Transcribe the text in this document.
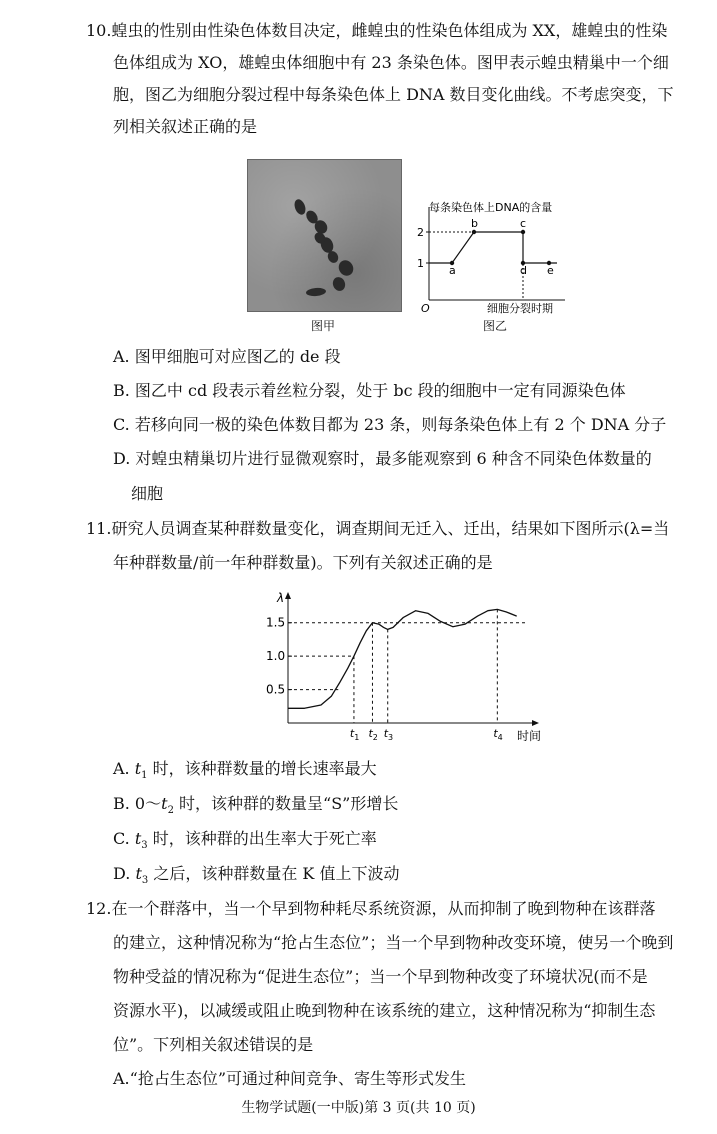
10.蝗虫的性别由性染色体数目决定，雌蝗虫的性染色体组成为 XX，雄蝗虫的性染
色体组成为 XO，雄蝗虫体细胞中有 23 条染色体。图甲表示蝗虫精巢中一个细
胞，图乙为细胞分裂过程中每条染色体上 DNA 数目变化曲线。不考虑突变，下
列相关叙述正确的是
图甲
每条染色体上DNA的含量
细胞分裂时期
O
1
2
a
b	c
d e
图乙
A. 图甲细胞可对应图乙的 de 段
B. 图乙中 cd 段表示着丝粒分裂，处于 bc 段的细胞中一定有同源染色体
C. 若移向同一极的染色体数目都为 23 条，则每条染色体上有 2 个 DNA 分子
D. 对蝗虫精巢切片进行显微观察时，最多能观察到 6 种含不同染色体数量的
细胞
11.研究人员调查某种群数量变化，调查期间无迁入、迁出，结果如下图所示(λ=当
年种群数量/前一年种群数量)。下列有关叙述正确的是
λ
时间
0.5
1.0
1.5
$t_1$ $t_2$ $t_3$	$t_4$
A. $t_1$ 时，该种群数量的增长速率最大
B. $0\sim t_2$ 时，该种群的数量呈“S”形增长
C. $t_3$ 时，该种群的出生率大于死亡率
D. $t_3$ 之后，该种群数量在 K 值上下波动
12.在一个群落中，当一个早到物种耗尽系统资源，从而抑制了晚到物种在该群落
的建立，这种情况称为“抢占生态位”；当一个早到物种改变环境，使另一个晚到
物种受益的情况称为“促进生态位”；当一个早到物种改变了环境状况(而不是
资源水平)，以减缓或阻止晚到物种在该系统的建立，这种情况称为“抑制生态
位”。下列相关叙述错误的是
A.“抢占生态位”可通过种间竞争、寄生等形式发生
生物学试题(一中版)第 3 页(共 10 页)
